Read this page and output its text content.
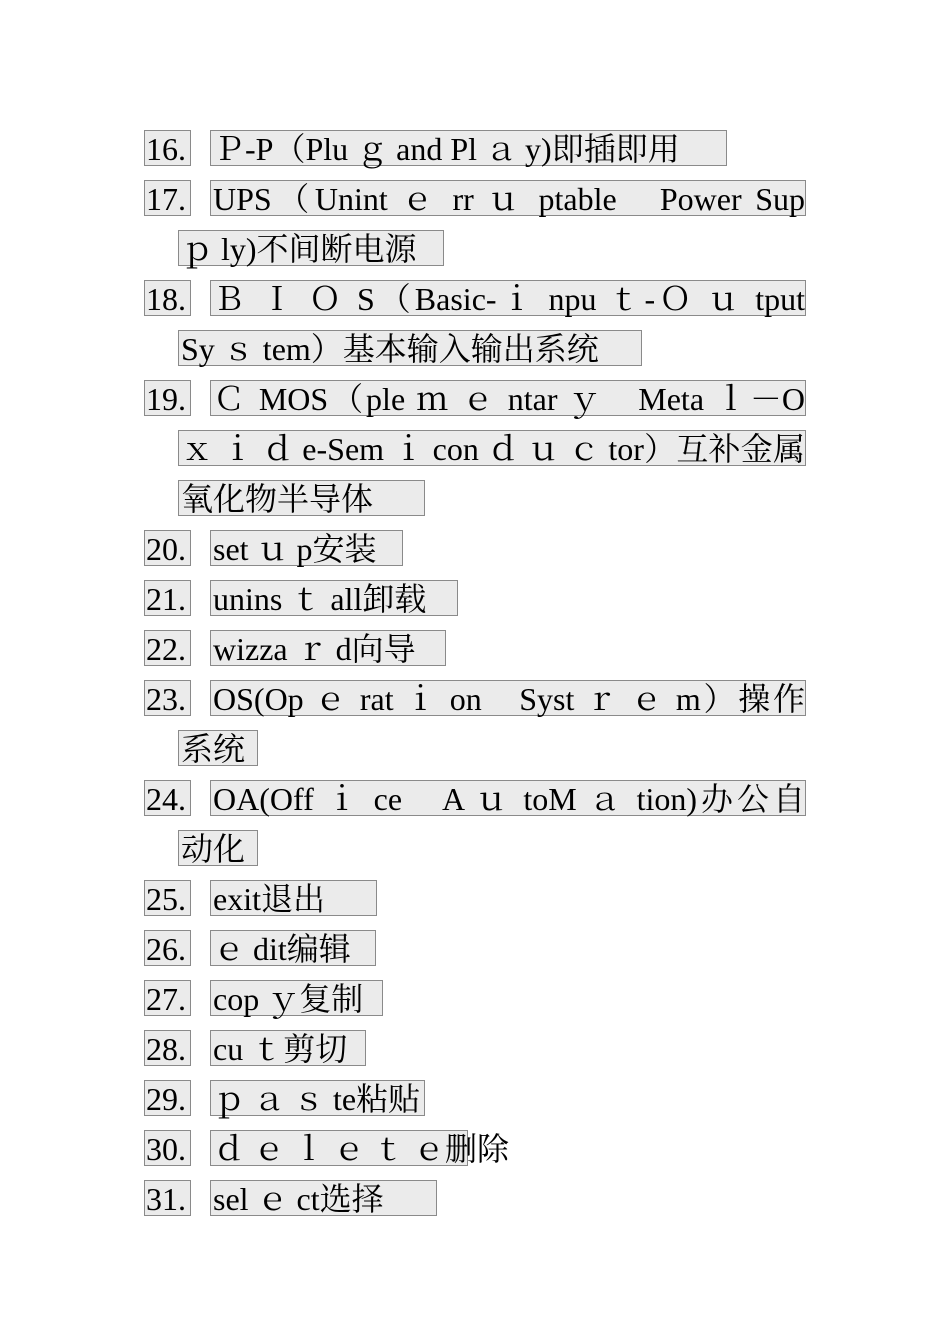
16. Ｐ-P（Plu ｇ and Pl ａ y)即插即用
17. UPS（Unint ｅ rr ｕ ptable　Power Sup
ｐ ly)不间断电源
18. Ｂ Ｉ Ｏ S（Basic-ｉ npu ｔ-Ｏ ｕ tput
Sy ｓ tem）基本输入输出系统
19. Ｃ MOS（ple ｍ ｅ ntar ｙ　Meta ｌ－O
ｘ ｉ ｄ e-Sem ｉ con ｄ ｕ ｃ tor）互补金属
氧化物半导体
20. set ｕ p安装
21. unins ｔ all卸载
22. wizza ｒ d向导
23. OS(Op ｅ rat ｉ on　Syst ｒ ｅ m）操作
系统
24. OA(Off ｉ ce　A ｕ toM ａ tion)办公自
动化
25. exit退出
26. ｅ dit编辑
27. cop ｙ复制
28. cu ｔ剪切
29. ｐ ａ ｓ te粘贴
30. ｄ ｅ ｌ ｅ ｔ ｅ删除
31. sel ｅ ct选择
